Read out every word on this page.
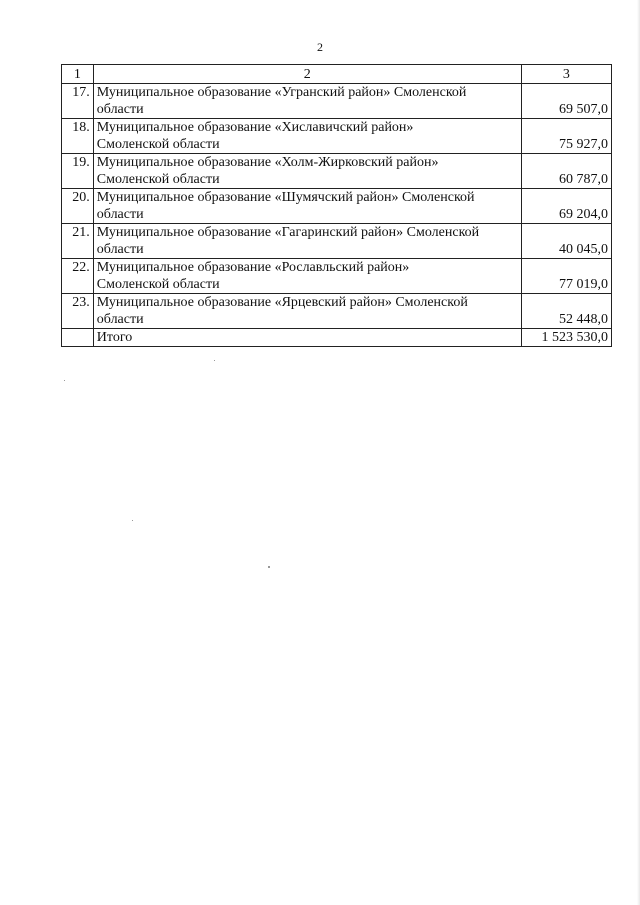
2
1	2	3
17.	Муниципальное образование «Угранский район» Смоленской
области	69 507,0
18.	Муниципальное образование «Хиславичский район»
Смоленской области	75 927,0
19.	Муниципальное образование «Холм-Жирковский район»
Смоленской области	60 787,0
20.	Муниципальное образование «Шумячский район» Смоленской
области	69 204,0
21.	Муниципальное образование «Гагаринский район» Смоленской
области	40 045,0
22.	Муниципальное образование «Рославльский район»
Смоленской области	77 019,0
23.	Муниципальное образование «Ярцевский район» Смоленской
области	52 448,0
	Итого	1 523 530,0
